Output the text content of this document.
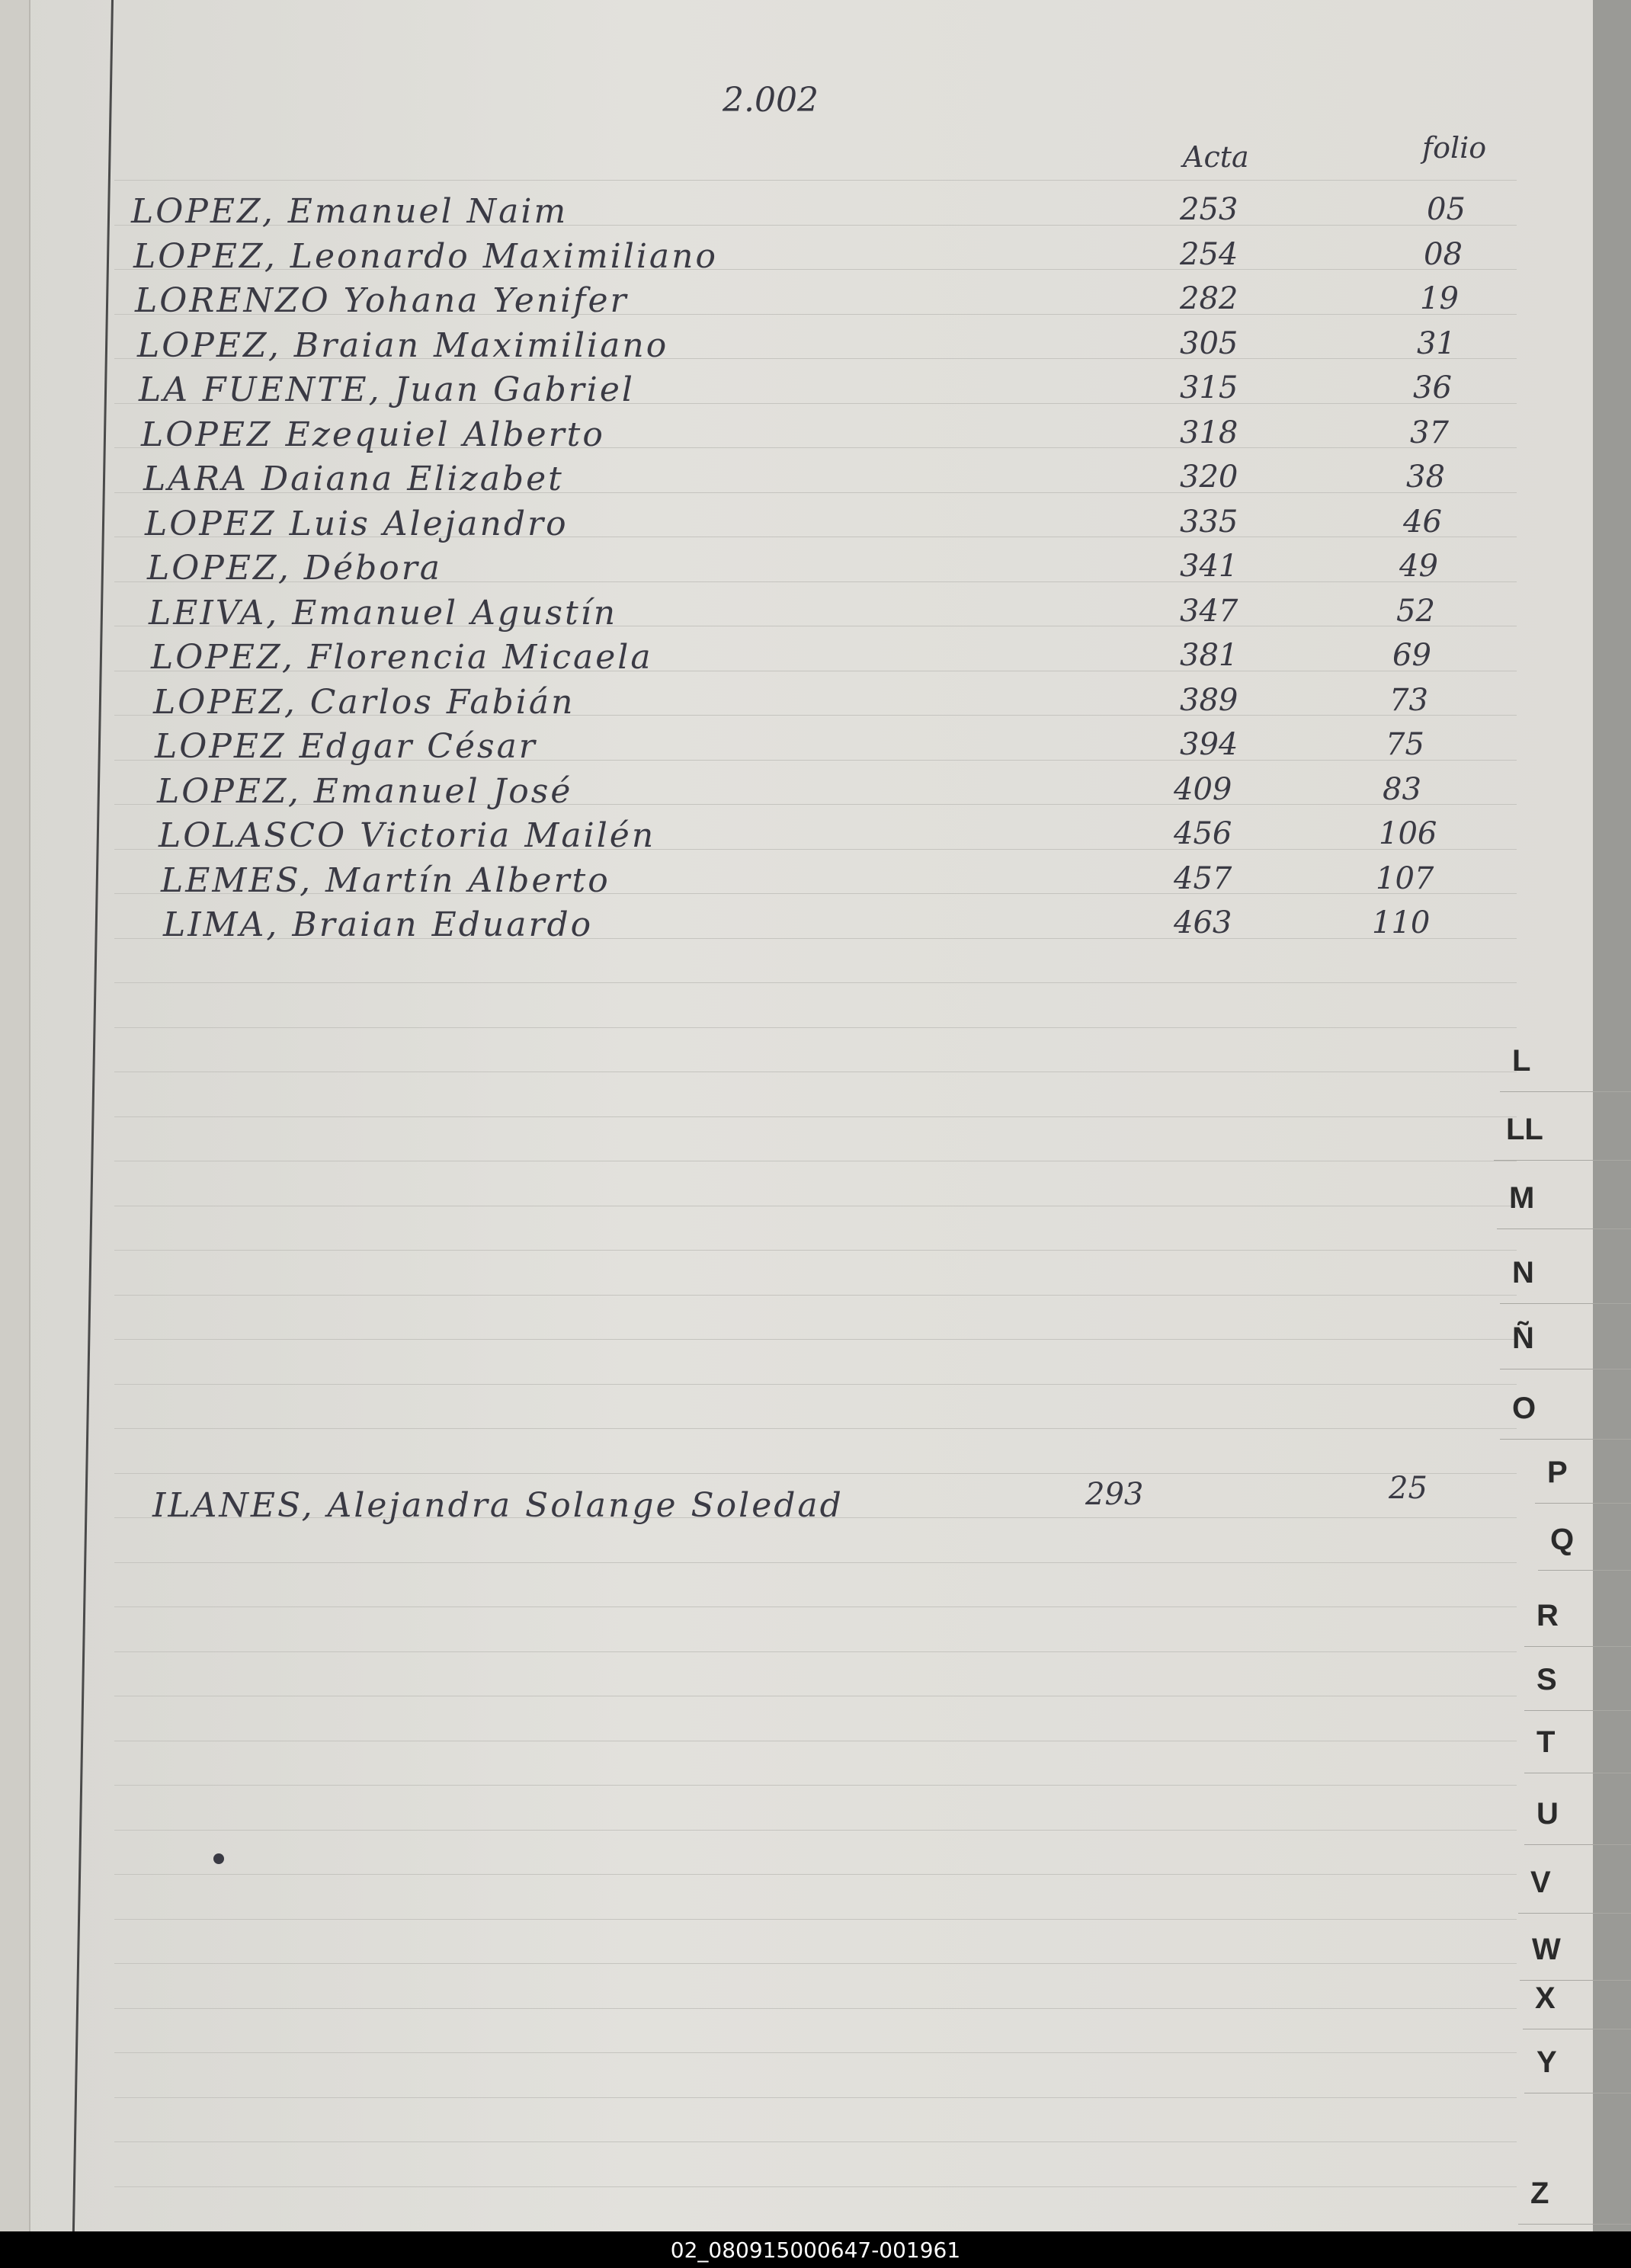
2.002
Acta	folio
LOPEZ, Emanuel Naim	253	05
LOPEZ, Leonardo Maximiliano	254	08
LORENZO Yohana Yenifer	282	19
LOPEZ, Braian Maximiliano	305	31
LA FUENTE, Juan Gabriel	315	36
LOPEZ Ezequiel Alberto	318	37
LARA Daiana Elizabet	320	38
LOPEZ Luis Alejandro	335	46
LOPEZ, Débora	341	49
LEIVA, Emanuel Agustín	347	52
LOPEZ, Florencia Micaela	381	69
LOPEZ, Carlos Fabián	389	73
LOPEZ Edgar César	394	75
LOPEZ, Emanuel José	409	83
LOLASCO Victoria Mailén	456	106
LEMES, Martín Alberto	457	107
LIMA, Braian Eduardo	463	110
ILANES, Alejandra Solange Soledad	293	25
L
LL
M
N
Ñ
O
P
Q
R
S
T
U
V
W
X
Y
Z
02_080915000647-001961
